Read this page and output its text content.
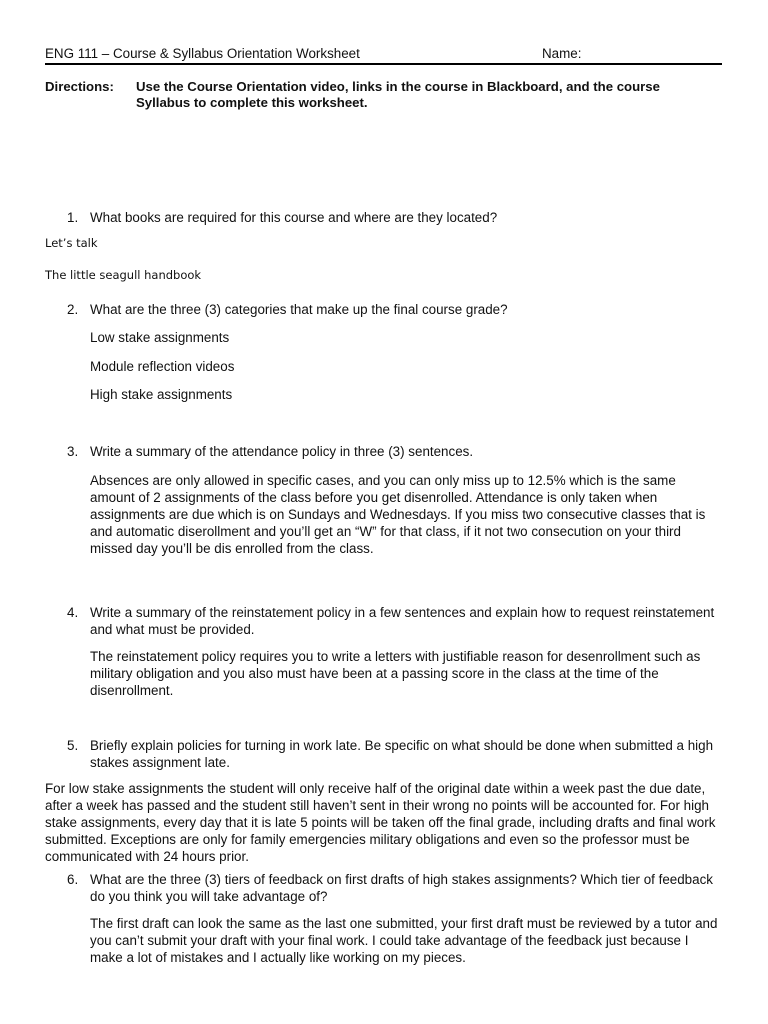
ENG 111 – Course & Syllabus Orientation Worksheet	Name:
Directions: Use the Course Orientation video, links in the course in Blackboard, and the course Syllabus to complete this worksheet.
1. What books are required for this course and where are they located?
Let’s talk
The little seagull handbook
2. What are the three (3) categories that make up the final course grade?
Low stake assignments
Module reflection videos
High stake assignments
3. Write a summary of the attendance policy in three (3) sentences.
Absences are only allowed in specific cases, and you can only miss up to 12.5% which is the same amount of 2 assignments of the class before you get disenrolled. Attendance is only taken when assignments are due which is on Sundays and Wednesdays. If you miss two consecutive classes that is and automatic diserollment and you’ll get an “W” for that class, if it not two consecution on your third missed day you’ll be dis enrolled from the class.
4. Write a summary of the reinstatement policy in a few sentences and explain how to request reinstatement and what must be provided.
The reinstatement policy requires you to write a letters with justifiable reason for desenrollment such as military obligation and you also must have been at a passing score in the class at the time of the disenrollment.
5. Briefly explain policies for turning in work late. Be specific on what should be done when submitted a high stakes assignment late.
For low stake assignments the student will only receive half of the original date within a week past the due date, after a week has passed and the student still haven’t sent in their wrong no points will be accounted for. For high stake assignments, every day that it is late 5 points will be taken off the final grade, including drafts and final work submitted. Exceptions are only for family emergencies military obligations and even so the professor must be communicated with 24 hours prior.
6. What are the three (3) tiers of feedback on first drafts of high stakes assignments? Which tier of feedback do you think you will take advantage of?
The first draft can look the same as the last one submitted, your first draft must be reviewed by a tutor and you can’t submit your draft with your final work. I could take advantage of the feedback just because I make a lot of mistakes and I actually like working on my pieces.
